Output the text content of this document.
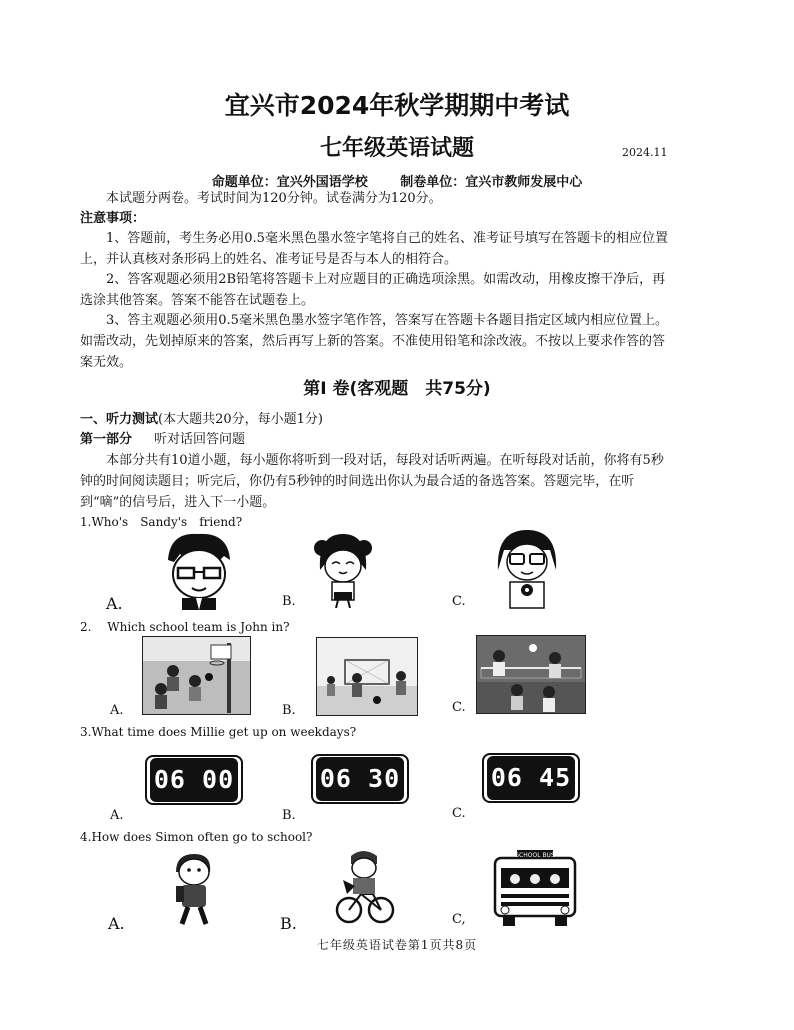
宜兴市2024年秋学期期中考试
七年级英语试题	2024.11
命题单位：宜兴外国语学校	制卷单位：宜兴市教师发展中心
本试题分两卷。考试时间为120分钟。试卷满分为120分。
注意事项：
1、答题前，考生务必用0.5毫米黑色墨水签字笔将自己的姓名、准考证号填写在答题卡的相应位置上，并认真核对条形码上的姓名、准考证号是否与本人的相符合。
2、答客观题必须用2B铅笔将答题卡上对应题目的正确选项涂黑。如需改动，用橡皮擦干净后，再选涂其他答案。答案不能答在试题卷上。
3、答主观题必须用0.5毫米黑色墨水签字笔作答，答案写在答题卡各题目指定区域内相应位置上。如需改动，先划掉原来的答案，然后再写上新的答案。不准使用铅笔和涂改液。不按以上要求作答的答案无效。
第I 卷(客观题　共75分)
一、听力测试(本大题共20分，每小题1分)
第一部分 听对话回答问题
本部分共有10道小题，每小题你将听到一段对话，每段对话听两遍。在听每段对话前，你将有5秒钟的时间阅读题目；听完后，你仍有5秒钟的时间选出你认为最合适的备选答案。答题完毕，在听到“嘀”的信号后，进入下一小题。
1.Who's　Sandy's　friend?
A.	B.	C.
2.　 Which school team is John in?
A.	B.	C.
3.What time does Millie get up on weekdays?
06 00	06 30	06 45
A.	B.	C.
4.How does Simon often go to school?
SCHOOL BUS
A.	B.	C,
七年级英语试卷第1页共8页
